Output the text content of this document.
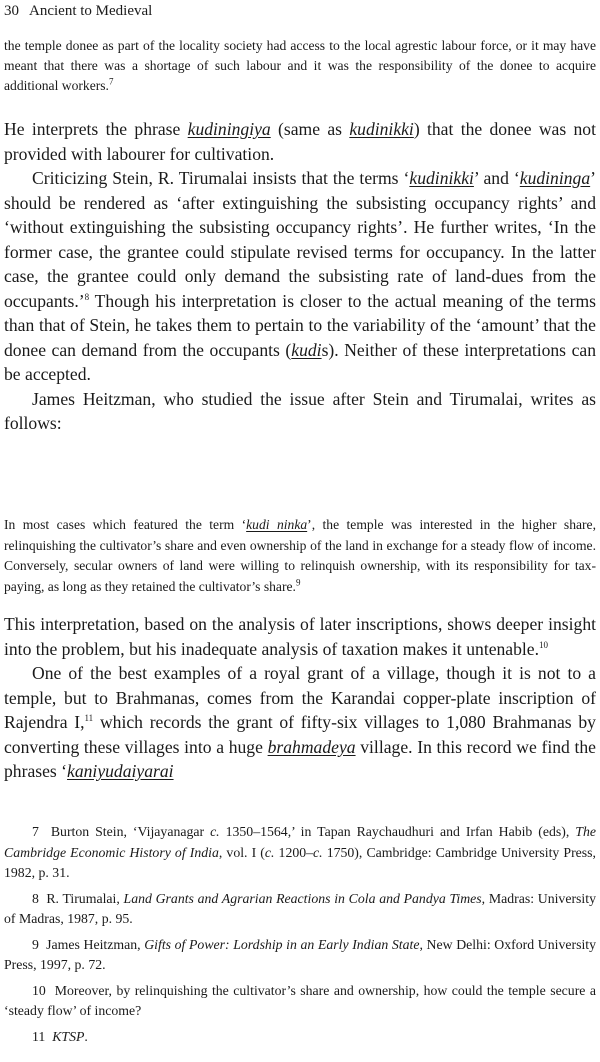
30 Ancient to Medieval

the temple donee as part of the locality society had access to the local agrestic labour force, or it may have meant that there was a shortage of such labour and it was the responsibility of the donee to acquire additional workers.$^7$

He interprets the phrase kudiningiya (same as kudinikki) that the donee was not provided with labourer for cultivation.

Criticizing Stein, R. Tirumalai insists that the terms ‘kudinikki’ and ‘kudininga’ should be rendered as ‘after extinguishing the subsisting occupancy rights’ and ‘without extinguishing the subsisting occupancy rights’. He further writes, ‘In the former case, the grantee could stipulate revised terms for occupancy. In the latter case, the grantee could only demand the subsisting rate of land-dues from the occupants.’$^8$ Though his interpretation is closer to the actual meaning of the terms than that of Stein, he takes them to pertain to the variability of the ‘amount’ that the donee can demand from the occupants (kudis). Neither of these interpretations can be accepted.

James Heitzman, who studied the issue after Stein and Tirumalai, writes as follows:

In most cases which featured the term ‘kudi ninka’, the temple was interested in the higher share, relinquishing the cultivator’s share and even ownership of the land in exchange for a steady flow of income. Conversely, secular owners of land were willing to relinquish ownership, with its responsibility for tax-paying, as long as they retained the cultivator’s share.$^9$

This interpretation, based on the analysis of later inscriptions, shows deeper insight into the problem, but his inadequate analysis of taxation makes it untenable.$^{10}$

One of the best examples of a royal grant of a village, though it is not to a temple, but to Brahmanas, comes from the Karandai copper-plate inscription of Rajendra I,$^{11}$ which records the grant of fifty-six villages to 1,080 Brahmanas by converting these villages into a huge brahmadeya village. In this record we find the phrases ‘kaniyudaiyarai

7 Burton Stein, ‘Vijayanagar c. 1350–1564,’ in Tapan Raychaudhuri and Irfan Habib (eds), The Cambridge Economic History of India, vol. I (c. 1200–c. 1750), Cambridge: Cambridge University Press, 1982, p. 31.

8 R. Tirumalai, Land Grants and Agrarian Reactions in Cola and Pandya Times, Madras: University of Madras, 1987, p. 95.

9 James Heitzman, Gifts of Power: Lordship in an Early Indian State, New Delhi: Oxford University Press, 1997, p. 72.

10 Moreover, by relinquishing the cultivator’s share and ownership, how could the temple secure a ‘steady flow’ of income?

11 KTSP.
